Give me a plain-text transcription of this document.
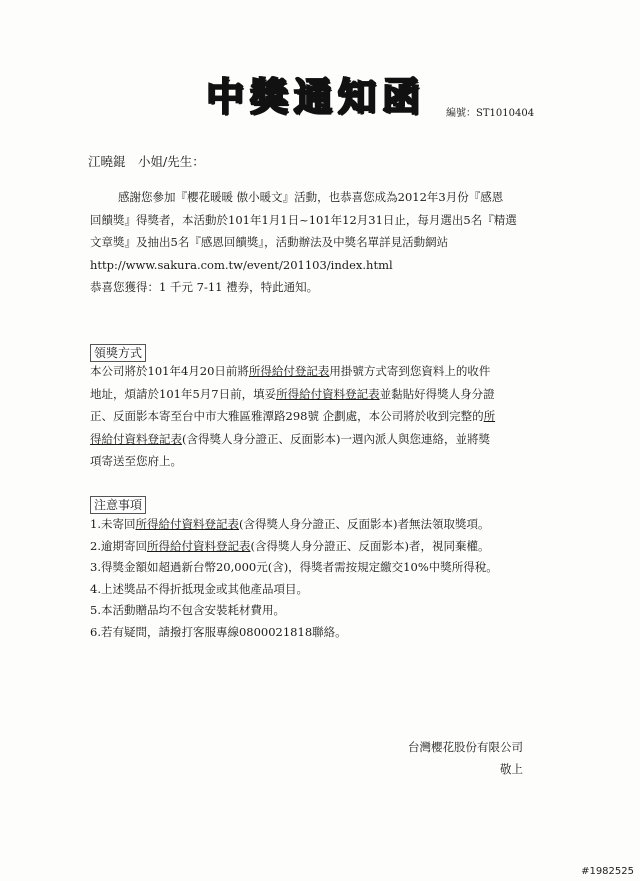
中獎通知函 編號：ST1010404
江曉錕　小姐/先生：
感謝您參加『櫻花暖暖 傲小暖文』活動，也恭喜您成為2012年3月份『感恩
回饋獎』得獎者，本活動於101年1月1日~101年12月31日止，每月選出5名『精選
文章獎』及抽出5名『感恩回饋獎』，活動辦法及中獎名單詳見活動網站
http://www.sakura.com.tw/event/201103/index.html
恭喜您獲得：1 千元 7-11 禮券，特此通知。
領獎方式
本公司將於101年4月20日前將所得給付登記表用掛號方式寄到您資料上的收件
地址，煩請於101年5月7日前，填妥所得給付資料登記表並黏貼好得獎人身分證
正、反面影本寄至台中市大雅區雅潭路298號 企劃處，本公司將於收到完整的所
得給付資料登記表(含得獎人身分證正、反面影本)一週內派人與您連絡，並將獎
項寄送至您府上。
注意事項
1.未寄回所得給付資料登記表(含得獎人身分證正、反面影本)者無法領取獎項。
2.逾期寄回所得給付資料登記表(含得獎人身分證正、反面影本)者，視同棄權。
3.得獎金額如超過新台幣20,000元(含)，得獎者需按規定繳交10%中獎所得稅。
4.上述獎品不得折抵現金或其他產品項目。
5.本活動贈品均不包含安裝耗材費用。
6.若有疑問，請撥打客服專線0800021818聯絡。
台灣櫻花股份有限公司
敬上
#1982525
